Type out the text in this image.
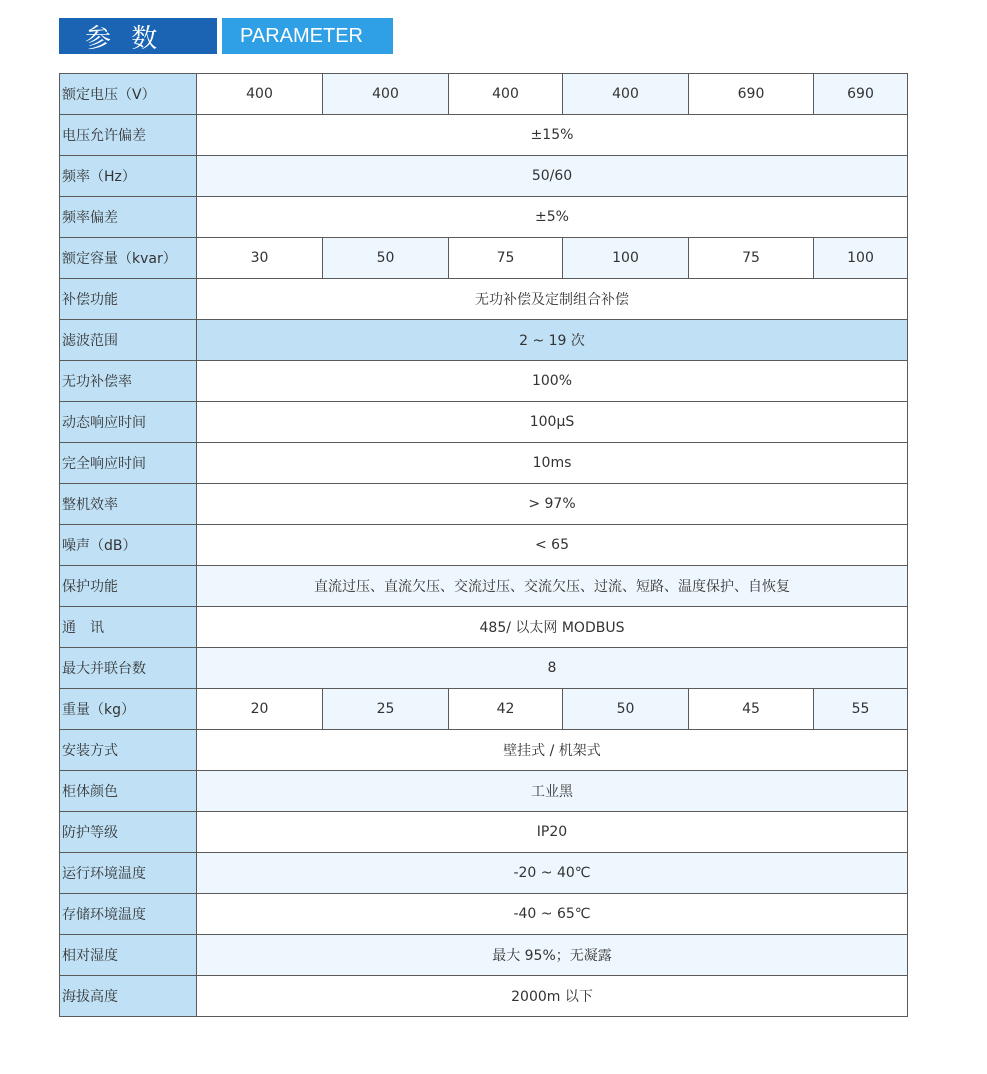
参 数	PARAMETER
额定电压（V）	400	400	400	400	690	690
电压允许偏差	±15%					
频率（Hz）	50/60					
频率偏差	±5%					
额定容量（kvar）	30	50	75	100	75	100
补偿功能	无功补偿及定制组合补偿					
滤波范围	2 ~ 19 次					
无功补偿率	100%					
动态响应时间	100μS					
完全响应时间	10ms					
整机效率	> 97%					
噪声（dB）	< 65					
保护功能	直流过压、直流欠压、交流过压、交流欠压、过流、短路、温度保护、自恢复					
通　讯	485/ 以太网 MODBUS					
最大并联台数	8					
重量（kg）	20	25	42	50	45	55
安装方式	壁挂式 / 机架式					
柜体颜色	工业黑					
防护等级	IP20					
运行环境温度	-20 ~ 40℃					
存储环境温度	-40 ~ 65℃					
相对湿度	最大 95%；无凝露					
海拔高度	2000m 以下					
